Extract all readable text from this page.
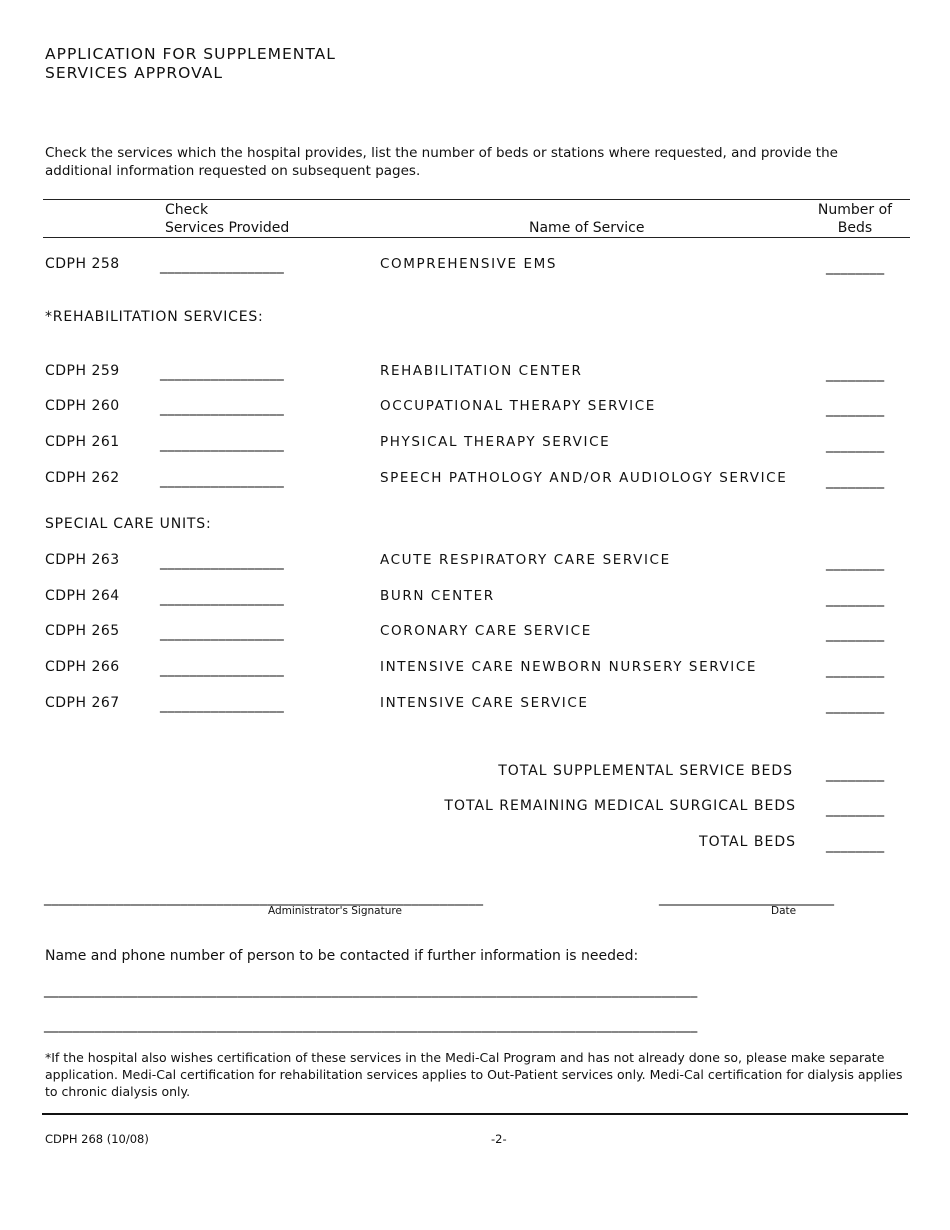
APPLICATION FOR SUPPLEMENTAL
SERVICES APPROVAL
Check the services which the hospital provides, list the number of beds or stations where requested, and provide the additional information requested on subsequent pages.
Check
Services Provided	Name of Service
Number of
Beds
CDPH 258	_________________	COMPREHENSIVE EMS	________
*REHABILITATION SERVICES:
CDPH 259	_________________	REHABILITATION CENTER	________
CDPH 260	_________________	OCCUPATIONAL THERAPY SERVICE	________
CDPH 261	_________________	PHYSICAL THERAPY SERVICE	________
CDPH 262	_________________	SPEECH PATHOLOGY AND/OR AUDIOLOGY SERVICE	________
SPECIAL CARE UNITS:
CDPH 263	_________________	ACUTE RESPIRATORY CARE SERVICE	________
CDPH 264	_________________	BURN CENTER	________
CDPH 265	_________________	CORONARY CARE SERVICE	________
CDPH 266	_________________	INTENSIVE CARE NEWBORN NURSERY SERVICE	________
CDPH 267	_________________	INTENSIVE CARE SERVICE	________
TOTAL SUPPLEMENTAL SERVICE BEDS ________
TOTAL REMAINING MEDICAL SURGICAL BEDS ________
TOTAL BEDS ________
_____________________________________________________________
Administrator's Signature
_________________________
Date
Name and phone number of person to be contacted if further information is needed:
___________________________________________________________________________________________
___________________________________________________________________________________________
*If the hospital also wishes certification of these services in the Medi-Cal Program and has not already done so, please make separate application. Medi-Cal certification for rehabilitation services applies to Out-Patient services only. Medi-Cal certification for dialysis applies to chronic dialysis only.
CDPH 268 (10/08)	-2-
